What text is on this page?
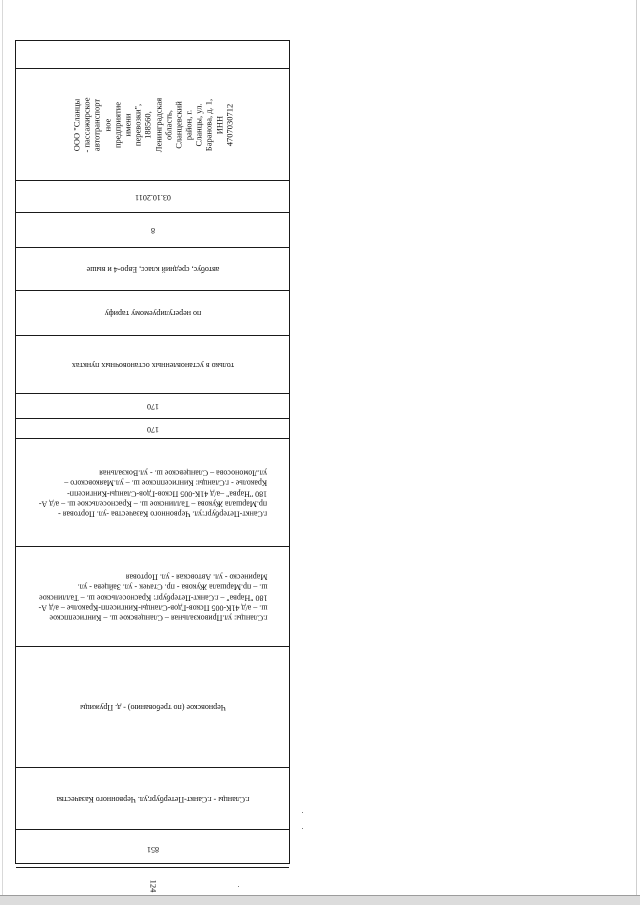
ООО "Сланцы
- пассажирское
автотранспорт
ное
предприятие
имени
перевозки",
188560,
Ленинградская
область,
Сланцевский
район, г.
Сланцы, ул.
Баранова, д. 1,
ИНН
4707030712
03.10.2011
8
автобус, средний класс, Евро-4 и выше
по нерегулируемому тарифу
только в установленных остановочных пунктах
170
170
г.Санкт-Петербург:ул. Червонного Казачества -ул. Портовая -
пр.Маршала Жукова – Таллинское ш. – Красносельское ш. – а/д А-
180 "Нарва" –а/д 41К-005 Псков-Гдов-Сланцы-Кингисепп-
Кракольe - г.Сланцы: Кингисеппское ш. – ул.Маяковского –
ул.Ломоносова – Сланцевское ш. - ул.Вокзальная
г.Сланцы: ул.Привокзальная – Сланцевское ш. – Кингисеппское
ш. – а/д 41К-005 Псков-Гдов-Сланцы-Кингисепп-Краколье – а/д А-
180 "Нарва" – г.Санкт-Петербург: Красносельское ш. – Таллинское
ш. – пр.Маршала Жукова - пр. Стачек - ул. Зайцева - ул.
Маринеско - ул. Автовская - ул. Портовая
Черновское (по требованию) - д. Пружицы
г.Сланцы - г.Санкт-Петербург,ул. Червонного Казачества
851
124
